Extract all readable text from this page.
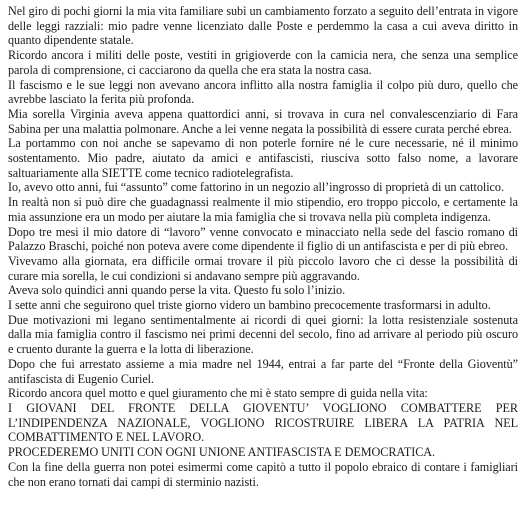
Nel giro di pochi giorni la mia vita familiare subì un cambiamento forzato a seguito dell’entrata in vigore delle leggi razziali: mio padre venne licenziato dalle Poste e perdemmo la casa a cui aveva diritto in quanto dipendente statale.

Ricordo ancora i militi delle poste, vestiti in grigioverde con la camicia nera, che senza una semplice parola di comprensione, ci cacciarono da quella che era stata la nostra casa.

Il fascismo e le sue leggi non avevano ancora inflitto alla nostra famiglia il colpo più duro, quello che avrebbe lasciato la ferita più profonda.

Mia sorella Virginia aveva appena quattordici anni, si trovava in cura nel convalescenziario di Fara Sabina per una malattia polmonare. Anche a lei venne negata la possibilità di essere curata perché ebrea.

La portammo con noi anche se sapevamo di non poterle fornire né le cure necessarie, né il minimo sostentamento. Mio padre, aiutato da amici e antifascisti, riusciva sotto falso nome, a lavorare saltuariamente alla SIETTE come tecnico radiotelegrafista.

Io, avevo otto anni, fui “assunto” come fattorino in un negozio all’ingrosso di proprietà di un cattolico.

In realtà non si può dire che guadagnassi realmente il mio stipendio, ero troppo piccolo, e certamente la mia assunzione era un modo per aiutare la mia famiglia che si trovava nella più completa indigenza.

Dopo tre mesi il mio datore di “lavoro” venne convocato e minacciato nella sede del fascio romano di Palazzo Braschi, poiché non poteva avere come dipendente il figlio di un antifascista e per di più ebreo.

Vivevamo alla giornata, era difficile ormai trovare il più piccolo lavoro che ci desse la possibilità di curare mia sorella, le cui condizioni si andavano sempre più aggravando.

Aveva solo quindici anni quando perse la vita. Questo fu solo l’inizio.

I sette anni che seguirono quel triste giorno videro un bambino precocemente trasformarsi in adulto.

Due motivazioni mi legano sentimentalmente ai ricordi di quei giorni: la lotta resistenziale sostenuta dalla mia famiglia contro il fascismo nei primi decenni del secolo, fino ad arrivare al periodo più oscuro e cruento durante la guerra e la lotta di liberazione.

Dopo che fui arrestato assieme a mia madre nel 1944, entrai a far parte del “Fronte della Gioventù” antifascista di Eugenio Curiel.

Ricordo ancora quel motto e quel giuramento che mi è stato sempre di guida nella vita:

I GIOVANI DEL FRONTE DELLA GIOVENTU’ VOGLIONO COMBATTERE PER L’INDIPENDENZA NAZIONALE, VOGLIONO RICOSTRUIRE LIBERA LA PATRIA NEL COMBATTIMENTO E NEL LAVORO.

PROCEDEREMO UNITI CON OGNI UNIONE ANTIFASCISTA E DEMOCRATICA.

Con la fine della guerra non potei esimermi come capitò a tutto il popolo ebraico di contare i famigliari che non erano tornati dai campi di sterminio nazisti.
